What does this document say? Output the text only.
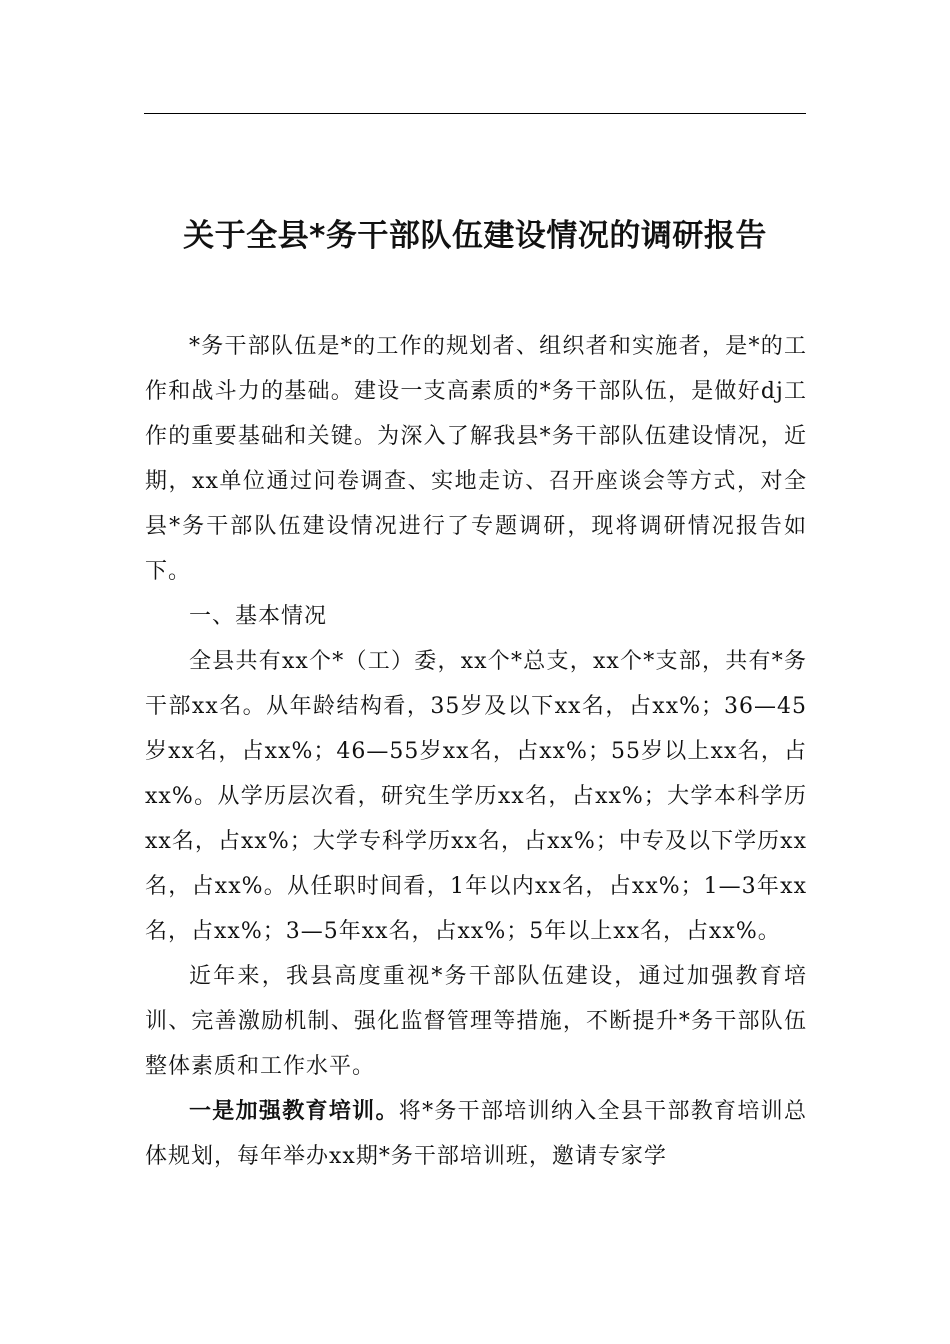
关于全县*务干部队伍建设情况的调研报告

*务干部队伍是*的工作的规划者、组织者和实施者，是*的工作和战斗力的基础。建设一支高素质的*务干部队伍，是做好dj工作的重要基础和关键。为深入了解我县*务干部队伍建设情况，近期，xx单位通过问卷调查、实地走访、召开座谈会等方式，对全县*务干部队伍建设情况进行了专题调研，现将调研情况报告如下。

一、基本情况

全县共有xx个*（工）委，xx个*总支，xx个*支部，共有*务干部xx名。从年龄结构看，35岁及以下xx名，占xx%；36—45岁xx名，占xx%；46—55岁xx名，占xx%；55岁以上xx名，占xx%。从学历层次看，研究生学历xx名，占xx%；大学本科学历xx名，占xx%；大学专科学历xx名，占xx%；中专及以下学历xx名，占xx%。从任职时间看，1年以内xx名，占xx%；1—3年xx名，占xx%；3—5年xx名，占xx%；5年以上xx名，占xx%。

近年来，我县高度重视*务干部队伍建设，通过加强教育培训、完善激励机制、强化监督管理等措施，不断提升*务干部队伍整体素质和工作水平。

一是加强教育培训。将*务干部培训纳入全县干部教育培训总体规划，每年举办xx期*务干部培训班，邀请专家学
